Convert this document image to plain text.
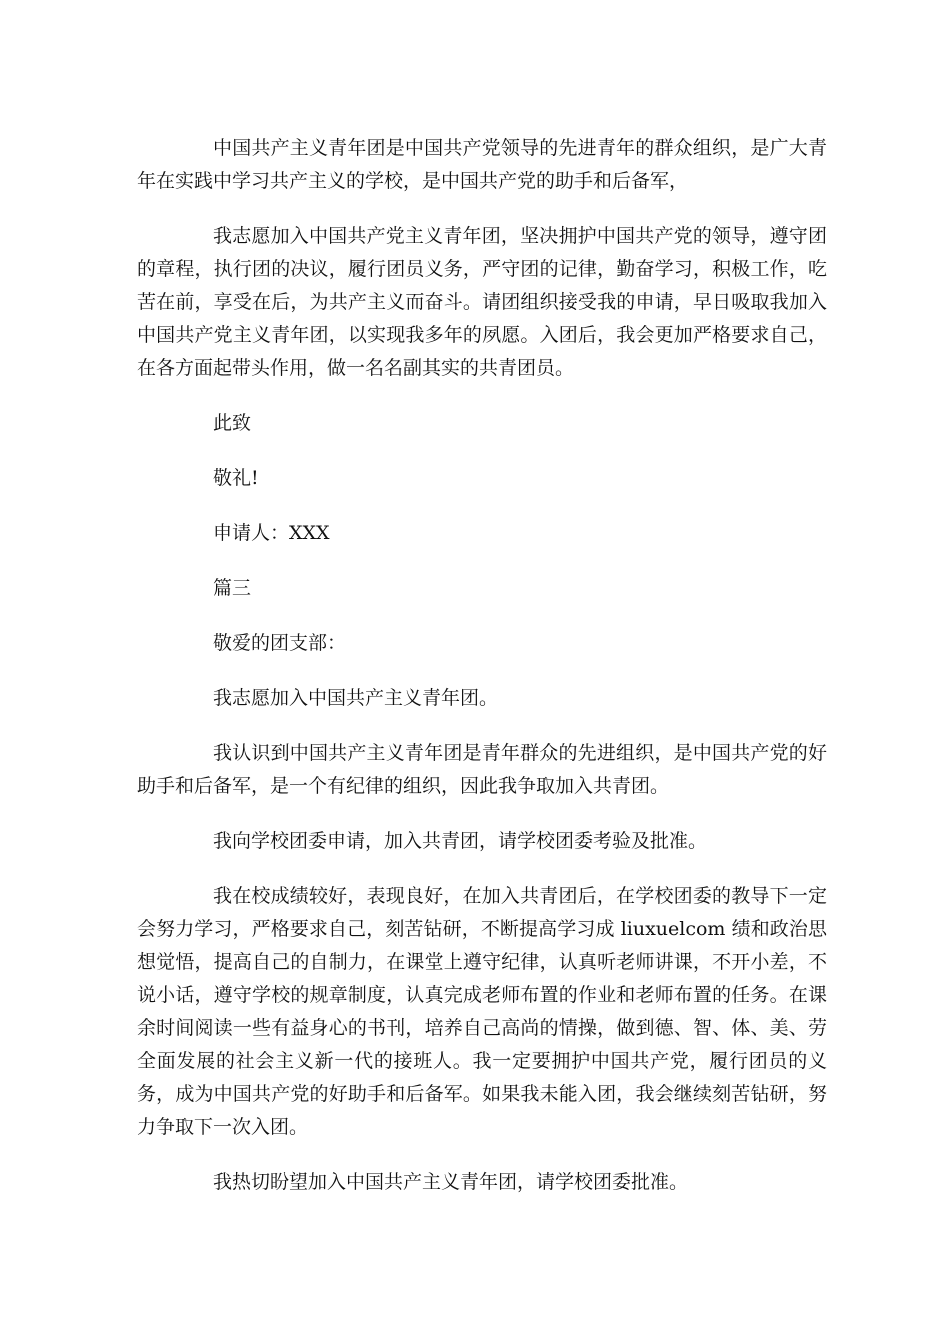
中国共产主义青年团是中国共产党领导的先进青年的群众组织，是广大青年在实践中学习共产主义的学校，是中国共产党的助手和后备军，

我志愿加入中国共产党主义青年团，坚决拥护中国共产党的领导，遵守团的章程，执行团的决议，履行团员义务，严守团的记律，勤奋学习，积极工作，吃苦在前，享受在后，为共产主义而奋斗。请团组织接受我的申请，早日吸取我加入中国共产党主义青年团，以实现我多年的夙愿。入团后，我会更加严格要求自己，在各方面起带头作用，做一名名副其实的共青团员。

此致

敬礼!

申请人：XXX

篇三

敬爱的团支部：

我志愿加入中国共产主义青年团。

我认识到中国共产主义青年团是青年群众的先进组织，是中国共产党的好助手和后备军，是一个有纪律的组织，因此我争取加入共青团。

我向学校团委申请，加入共青团，请学校团委考验及批准。

我在校成绩较好，表现良好，在加入共青团后，在学校团委的教导下一定会努力学习，严格要求自己，刻苦钻研，不断提高学习成 liuxuelcom 绩和政治思想觉悟，提高自己的自制力，在课堂上遵守纪律，认真听老师讲课，不开小差，不说小话，遵守学校的规章制度，认真完成老师布置的作业和老师布置的任务。在课余时间阅读一些有益身心的书刊，培养自己高尚的情操，做到德、智、体、美、劳全面发展的社会主义新一代的接班人。我一定要拥护中国共产党，履行团员的义务，成为中国共产党的好助手和后备军。如果我未能入团，我会继续刻苦钻研，努力争取下一次入团。

我热切盼望加入中国共产主义青年团，请学校团委批准。
